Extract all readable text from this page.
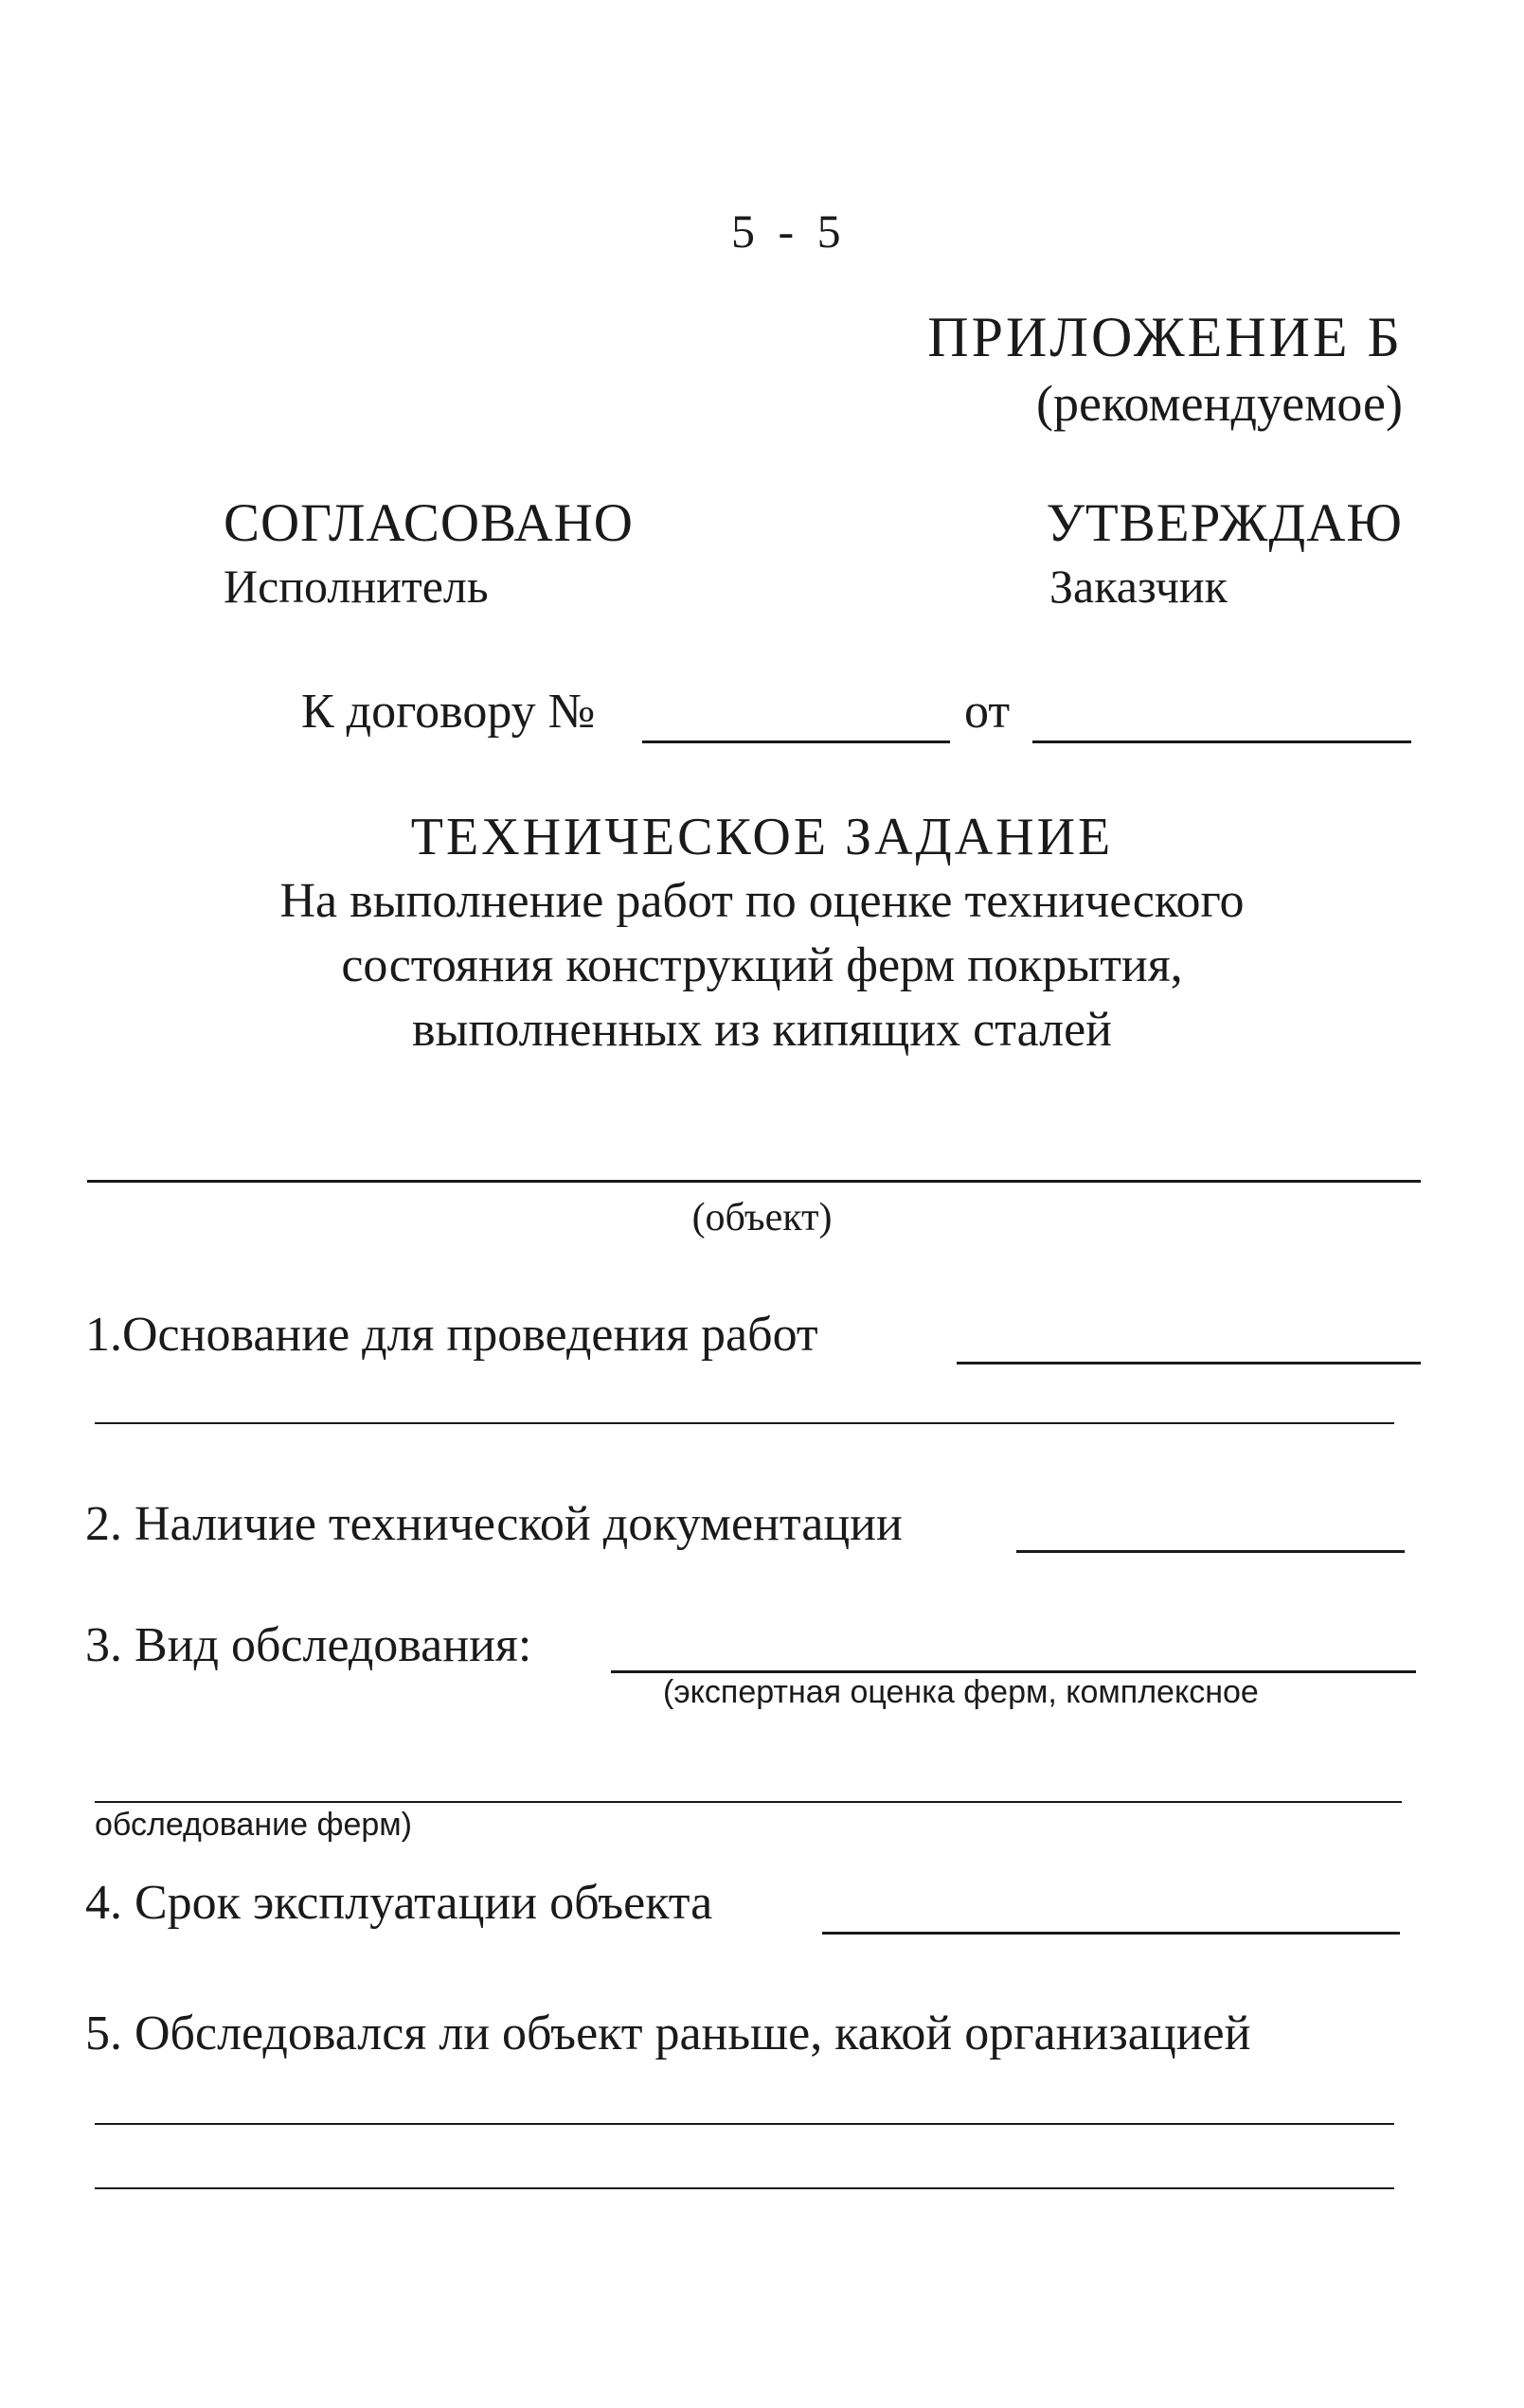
5 - 5
ПРИЛОЖЕНИЕ Б
(рекомендуемое)
СОГЛАСОВАНО
Исполнитель
УТВЕРЖДАЮ
Заказчик
К договору №	от
ТЕХНИЧЕСКОЕ ЗАДАНИЕ
На выполнение работ по оценке технического
состояния конструкций ферм покрытия,
выполненных из кипящих сталей
(объект)
1.Основание для проведения работ
2. Наличие технической документации
3. Вид обследования:
(экспертная оценка ферм, комплексное
обследование ферм)
4. Срок эксплуатации объекта
5. Обследовался ли объект раньше, какой организацией
